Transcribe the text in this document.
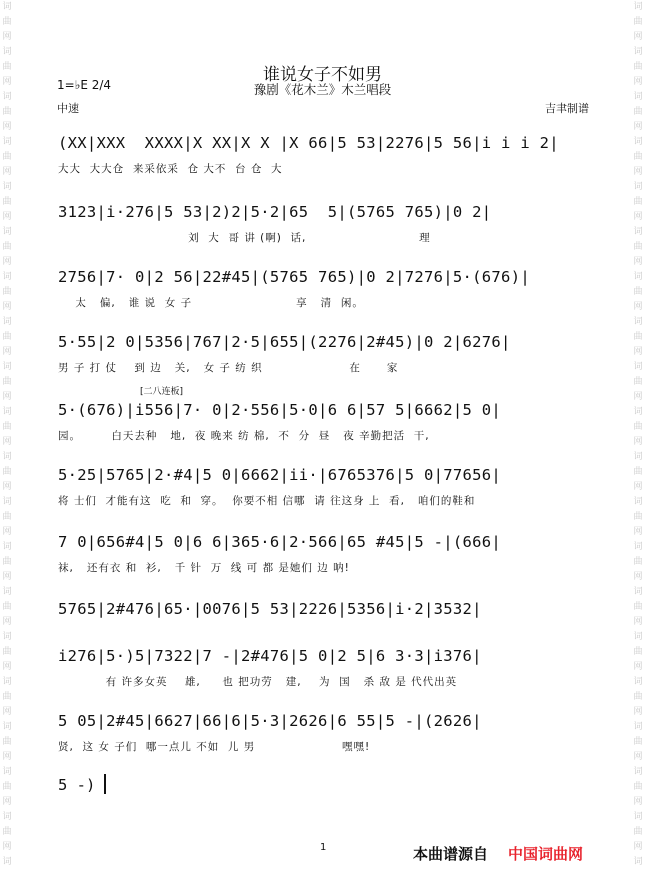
词
曲
网
词
曲
网
词
曲
网
词
曲
网
词
曲
网
词
曲
网
词
曲
网
词
曲
网
词
曲
网
词
曲
网
词
曲
网
词
曲
网
词
曲
网
词
曲
网
词
曲
网
词
曲
网
词
曲
网
词
曲
网
词
曲
网
词
词
曲
网
词
曲
网
词
曲
网
词
曲
网
词
曲
网
词
曲
网
词
曲
网
词
曲
网
词
曲
网
词
曲
网
词
曲
网
词
曲
网
词
曲
网
词
曲
网
词
曲
网
词
曲
网
词
曲
网
词
曲
网
词
曲
网
词
谁说女子不如男
豫剧《花木兰》木兰唱段
1=♭E 2/4
中速	吉聿制谱
[二八连板]
(XX|XXX  XXXX|X XX|X X |X 66|5 53|2276|5 56|i i i 2|
大大  大大仓  来采依采  仓 大不  台 仓  大
3123|i·276|5 53|2)2|5·2|65  5|(5765 765)|0 2|
刘  大  哥 讲 (啊)  话,                          理
2756|7· 0|2 56|22#45|(5765 765)|0 2|7276|5·(676)|
太   偏,   谁 说  女 子                        享   清  闲。
5·55|2 0|5356|767|2·5|655|(2276|2#45)|0 2|6276|
男 子 打 仗    到 边   关,   女 子 纺 织                    在      家
5·(676)|i556|7· 0|2·556|5·0|6 6|57 5|6662|5 0|
园。       白天去种   地,  夜 晚来 纺 棉,  不  分  昼   夜 辛勤把活  干,
5·25|5765|2·#4|5 0|6662|ii·|6765376|5 0|77656|
将 士们  才能有这  吃  和  穿。  你要不相 信哪  请 往这身 上  看,   咱们的鞋和
7 0|656#4|5 0|6 6|365·6|2·566|65 #45|5 -|(666|
袜,   还有衣 和  衫,   千 针  万  线 可 都 是她们 边 呐!
5765|2#476|65·|0076|5 53|2226|5356|i·2|3532|
i276|5·)5|7322|7 -|2#476|5 0|2 5|6 3·3|i376|
有 许多女英    雄,     也 把功劳   建,    为  国   杀 敌 是 代代出英
5 05|2#45|6627|66|6|5·3|2626|6 55|5 -|(2626|
贤,  这 女 子们  哪一点儿 不如  儿 男                    嘿嘿!
5 -)
1	本曲谱源自 中国词曲网
